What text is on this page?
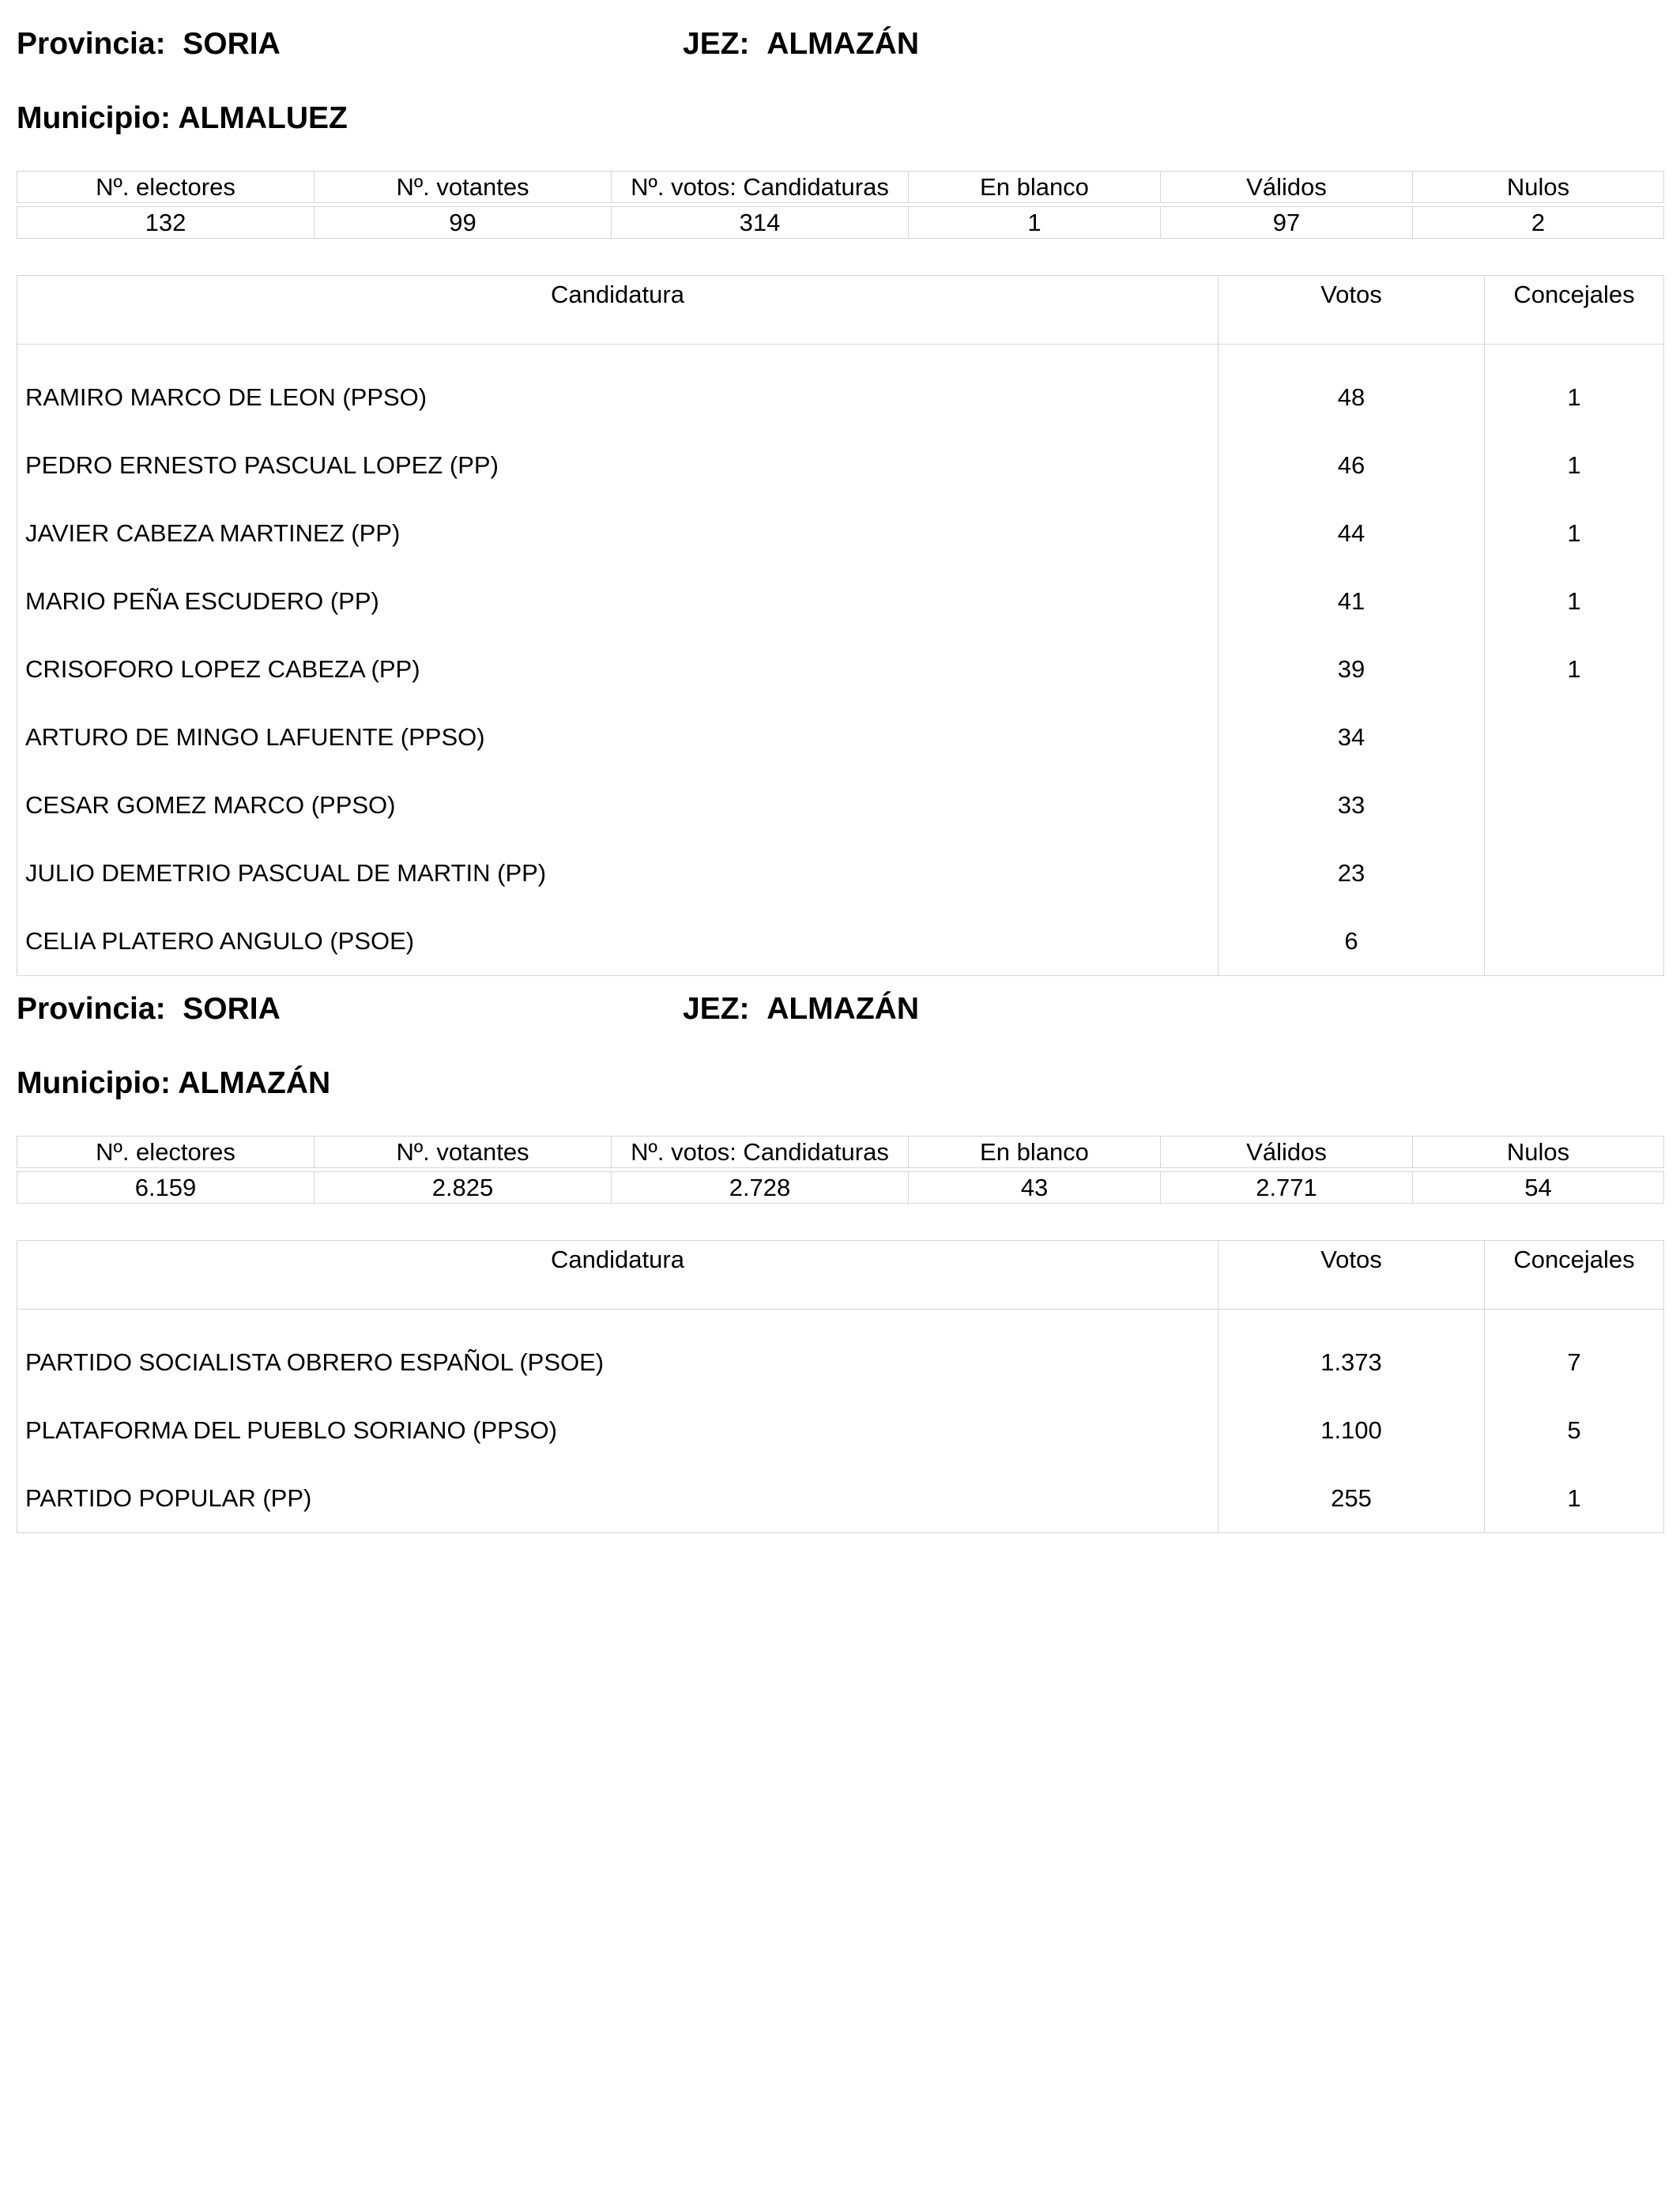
Provincia: SORIA	JEZ: ALMAZÁN
Municipio: ALMALUEZ
Nº. electores	Nº. votantes	Nº. votos: Candidaturas	En blanco	Válidos	Nulos

132	99	314	1	97	2
Candidatura	Votos	Concejales
RAMIRO MARCO DE LEON (PPSO)	48	1
PEDRO ERNESTO PASCUAL LOPEZ (PP)	46	1
JAVIER CABEZA MARTINEZ (PP)	44	1
MARIO PEÑA ESCUDERO (PP)	41	1
CRISOFORO LOPEZ CABEZA (PP)	39	1
ARTURO DE MINGO LAFUENTE (PPSO)	34	
CESAR GOMEZ MARCO (PPSO)	33	
JULIO DEMETRIO PASCUAL DE MARTIN (PP)	23	
CELIA PLATERO ANGULO (PSOE)	6	
Provincia: SORIA	JEZ: ALMAZÁN
Municipio: ALMAZÁN
Nº. electores	Nº. votantes	Nº. votos: Candidaturas	En blanco	Válidos	Nulos

6.159	2.825	2.728	43	2.771	54
Candidatura	Votos	Concejales
PARTIDO SOCIALISTA OBRERO ESPAÑOL (PSOE)	1.373	7
PLATAFORMA DEL PUEBLO SORIANO (PPSO)	1.100	5
PARTIDO POPULAR (PP)	255	1
